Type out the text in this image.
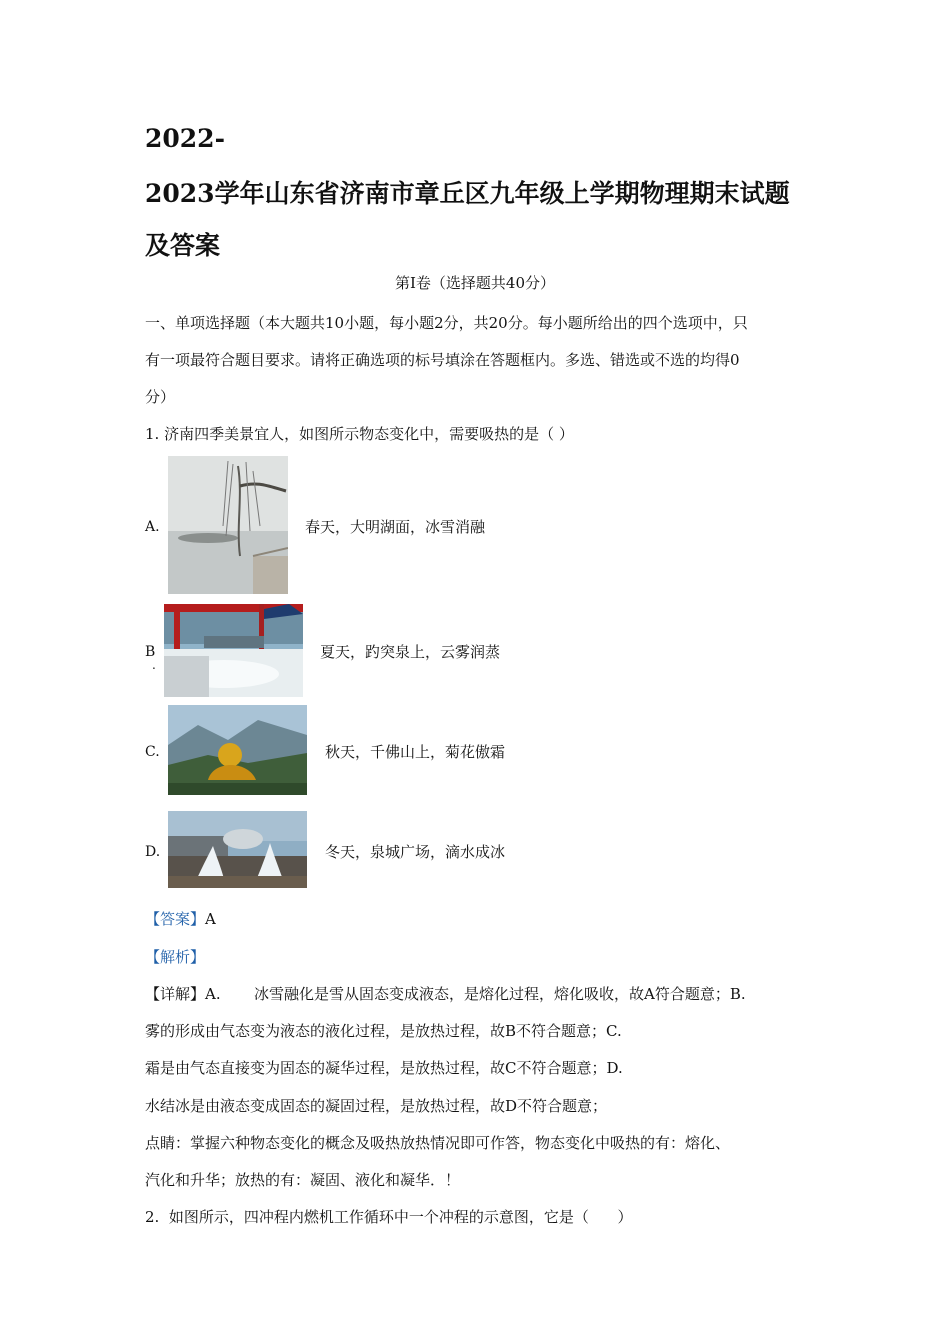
2022-
2023学年山东省济南市章丘区九年级上学期物理期末试题
及答案
第Ⅰ卷（选择题共40分）
一、单项选择题（本大题共10小题，每小题2分，共20分。每小题所给出的四个选项中，只
有一项最符合题目要求。请将正确选项的标号填涂在答题框内。多选、错选或不选的均得0
分）
1. 济南四季美景宜人，如图所示物态变化中，需要吸热的是（ ）
A.	春天，大明湖面，冰雪消融
B
.
夏天，趵突泉上，云雾润蒸
C.	秋天，千佛山上，菊花傲霜
D.	冬天，泉城广场，滴水成冰
【答案】A
【解析】
【详解】A.       冰雪融化是雪从固态变成液态，是熔化过程，熔化吸收，故A符合题意；B.
雾的形成由气态变为液态的液化过程，是放热过程，故B不符合题意；C.
霜是由气态直接变为固态的凝华过程，是放热过程，故C不符合题意；D.
水结冰是由液态变成固态的凝固过程，是放热过程，故D不符合题意；
点睛：掌握六种物态变化的概念及吸热放热情况即可作答，物态变化中吸热的有：熔化、
汽化和升华；放热的有：凝固、液化和凝华．！
2.  如图所示，四冲程内燃机工作循环中一个冲程的示意图，它是（      ）
